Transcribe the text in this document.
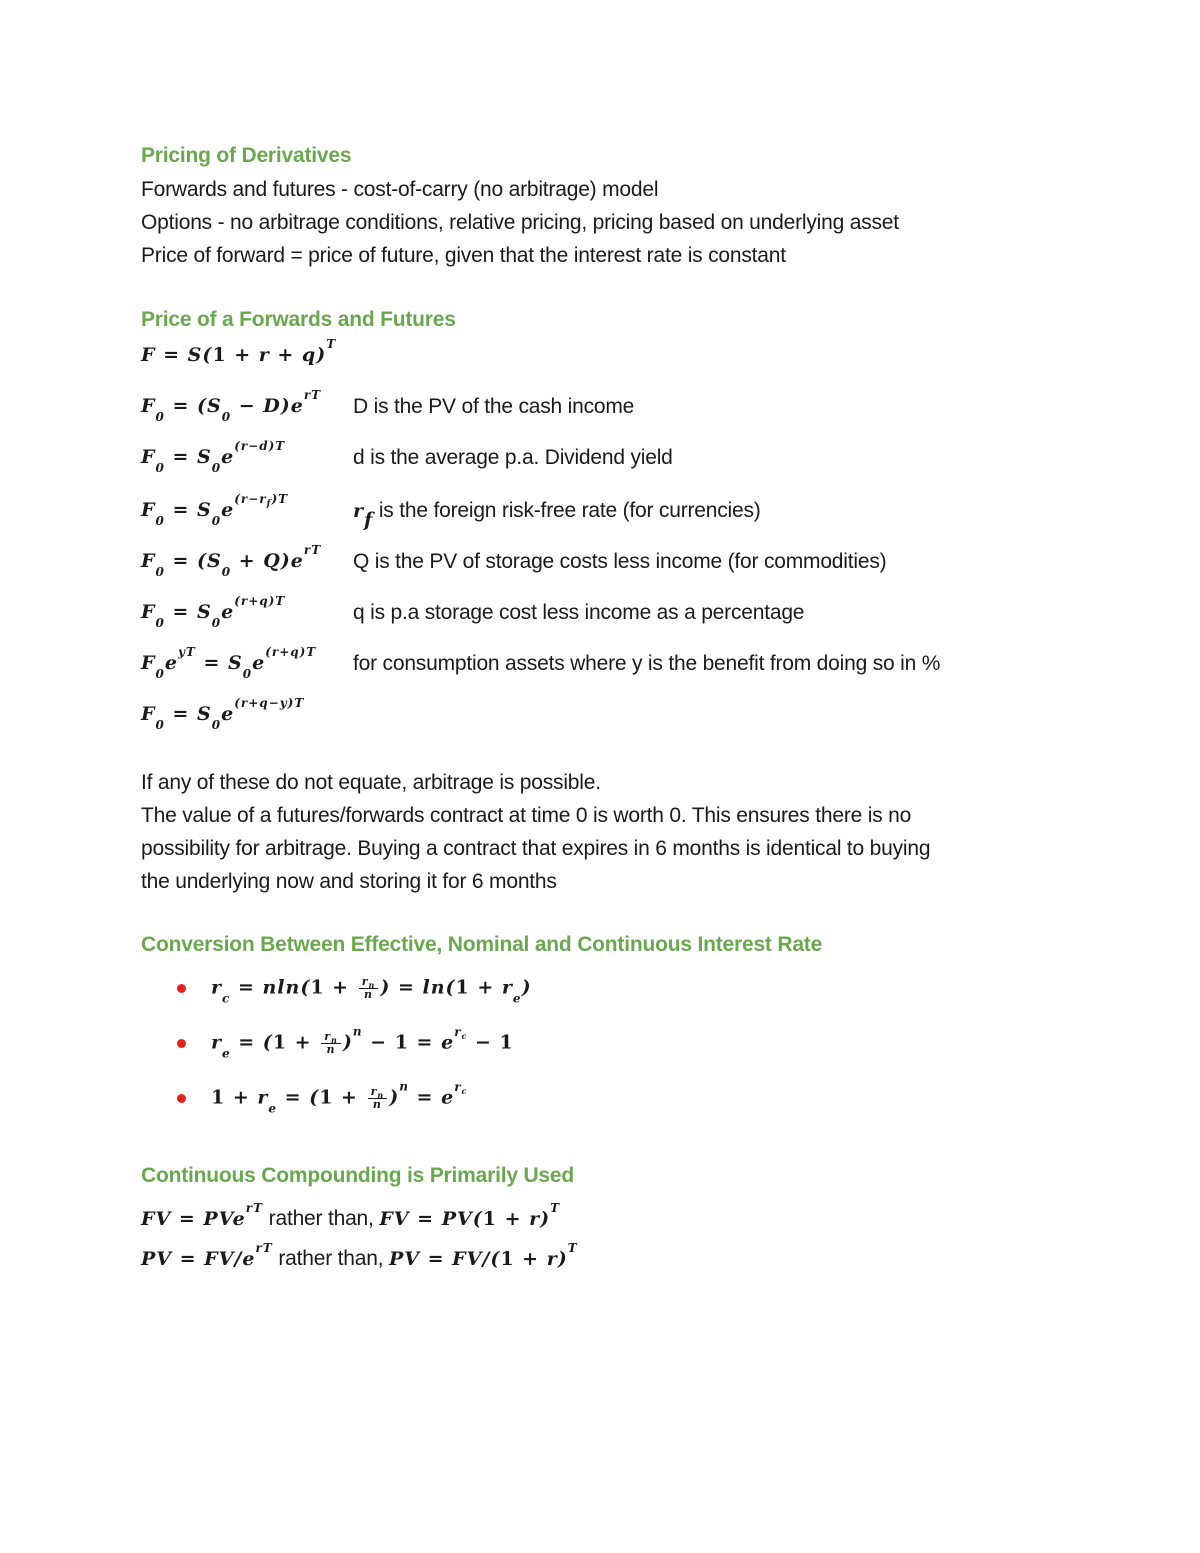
Pricing of Derivatives
Forwards and futures - cost-of-carry (no arbitrage) model
Options - no arbitrage conditions, relative pricing, pricing based on underlying asset
Price of forward = price of future, given that the interest rate is constant
Price of a Forwards and Futures
$F = S(1 + r + q)^T$
$F_0 = (S_0 - D)e^{rT}$ D is the PV of the cash income
$F_0 = S_0e^{(r-d)T}$	d is the average p.a. Dividend yield
$F_0 = S_0e^{(r-r_f)T}$
$r_f$ is the foreign risk-free rate (for currencies)
$F_0 = (S_0 + Q)e^{rT}$ Q is the PV of storage costs less income (for commodities)
$F_0 = S_0e^{(r+q)T}$	q is p.a storage cost less income as a percentage
$F_0e^{yT} = S_0e^{(r+q)T}$ for consumption assets where y is the benefit from doing so in %
$F_0 = S_0e^{(r+q-y)T}$
If any of these do not equate, arbitrage is possible.
The value of a futures/forwards contract at time 0 is worth 0. This ensures there is no
possibility for arbitrage. Buying a contract that expires in 6 months is identical to buying
the underlying now and storing it for 6 months
Conversion Between Effective, Nominal and Continuous Interest Rate
$r_c = nln(1 + \frac{r_n}{n}$ ) = $\ln(1 + r_e)$
$r_e = (1 + \frac{r_n}{n} )^n - 1 = e^{r_c} - 1$
$1 + r_e = (1 + \frac{r_n}{n} )^n = e^{r_c}$
Continuous Compounding is Primarily Used
FV = PVe$^{rT}$ rather than, FV = $PV(1 + r)^T$
PV = $FV/e^{rT}$ rather than, PV = $FV/(1 + r)^T$
